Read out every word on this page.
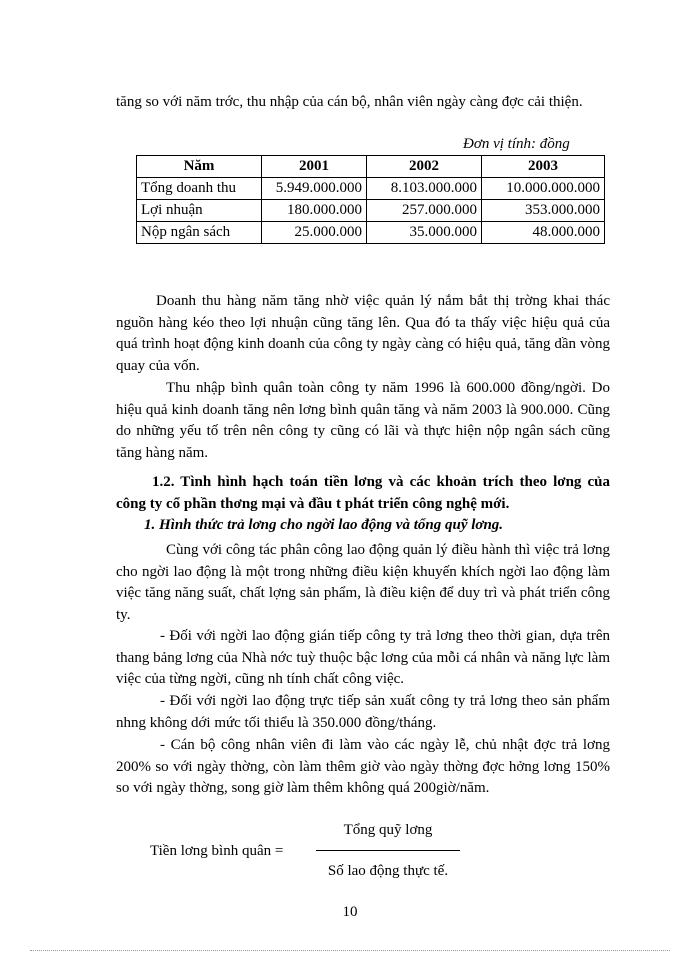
tăng so với năm trớc, thu nhập của cán bộ, nhân viên ngày càng đợc cải thiện.

Đơn vị tính: đồng
Năm	2001	2002	2003
Tổng doanh thu	5.949.000.000	8.103.000.000	10.000.000.000
Lợi nhuận	180.000.000	257.000.000	353.000.000
Nộp ngân sách	25.000.000	35.000.000	48.000.000

Doanh thu hàng năm tăng nhờ việc quản lý nắm bắt thị trờng khai thác nguồn hàng kéo theo lợi nhuận cũng tăng lên. Qua đó ta thấy việc hiệu quả của quá trình hoạt động kinh doanh của công ty ngày càng có hiệu quả, tăng dần vòng quay của vốn.

Thu nhập bình quân toàn công ty năm 1996 là 600.000 đồng/ngời. Do hiệu quả kinh doanh tăng nên lơng bình quân tăng và năm 2003 là 900.000. Cũng do những yếu tố trên nên công ty cũng có lãi và thực hiện nộp ngân sách cũng tăng hàng năm.

1.2. Tình hình hạch toán tiền lơng và các khoản trích theo lơng của công ty cổ phần thơng mại và đầu t phát triển công nghệ mới.

1. Hình thức trả lơng cho ngời lao động và tổng quỹ lơng.

Cùng với công tác phân công lao động quản lý điều hành thì việc trả lơng cho ngời lao động là một trong những điều kiện khuyến khích ngời lao động làm việc tăng năng suất, chất lợng sản phẩm, là điều kiện để duy trì và phát triển công ty.

- Đối với ngời lao động gián tiếp công ty trả lơng theo thời gian, dựa trên thang bảng lơng của Nhà nớc tuỳ thuộc bậc lơng của mỗi cá nhân và năng lực làm việc của từng ngời, cũng nh tính chất công việc.

- Đối với ngời lao động trực tiếp sản xuất công ty trả lơng theo sản phẩm nhng không dới mức tối thiểu là 350.000 đồng/tháng.

- Cán bộ công nhân viên đi làm vào các ngày lễ, chủ nhật đợc trả lơng 200% so với ngày thờng, còn làm thêm giờ vào ngày thờng đợc hởng lơng 150% so với ngày thờng, song giờ làm thêm không quá 200giờ/năm.

Tiền lơng bình quân =
Tổng quỹ lơng
Số lao động thực tế.
10
